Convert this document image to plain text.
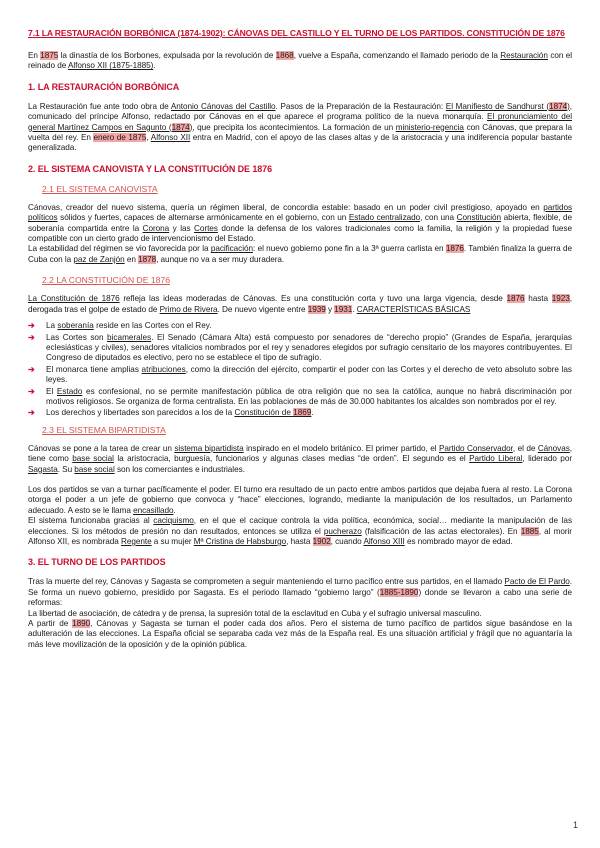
7.1 LA RESTAURACIÓN BORBÓNICA (1874-1902): CÁNOVAS DEL CASTILLO Y EL TURNO DE LOS PARTIDOS. CONSTITUCIÓN DE 1876

En 1875 la dinastía de los Borbones, expulsada por la revolución de 1868, vuelve a España, comenzando el llamado periodo de la Restauración con el reinado de Alfonso XII (1875-1885).

1. LA RESTAURACIÓN BORBÓNICA

La Restauración fue ante todo obra de Antonio Cánovas del Castillo. Pasos de la Preparación de la Restauración: El Manifiesto de Sandhurst (1874), comunicado del príncipe Alfonso, redactado por Cánovas en el que aparece el programa político de la nueva monarquía. El pronunciamiento del general Martínez Campos en Sagunto (1874), que precipita los acontecimientos. La formación de un ministerio-regencia con Cánovas, que prepara la vuelta del rey. En enero de 1875, Alfonso XII entra en Madrid, con el apoyo de las clases altas y de la aristocracia y una indiferencia popular bastante generalizada.

2. EL SISTEMA CANOVISTA Y LA CONSTITUCIÓN DE 1876
2.1 EL SISTEMA CANOVISTA

Cánovas, creador del nuevo sistema, quería un régimen liberal, de concordia estable: basado en un poder civil prestigioso, apoyado en partidos políticos sólidos y fuertes, capaces de alternarse armónicamente en el gobierno, con un Estado centralizado, con una Constitución abierta, flexible, de soberanía compartida entre la Corona y las Cortes donde la defensa de los valores tradicionales como la familia, la religión y la propiedad fuese compatible con un cierto grado de intervencionismo del Estado.

La estabilidad del régimen se vio favorecida por la pacificación: el nuevo gobierno pone fin a la 3ª guerra carlista en 1876. También finaliza la guerra de Cuba con la paz de Zanjón en 1878, aunque no va a ser muy duradera.

2.2 LA CONSTITUCIÓN DE 1876

La Constitución de 1876 refleja las ideas moderadas de Cánovas. Es una constitución corta y tuvo una larga vigencia, desde 1876 hasta 1923, derogada tras el golpe de estado de Primo de Rivera. De nuevo vigente entre 1939 y 1931. CARACTERÍSTICAS BÁSICAS

➔ La soberanía reside en las Cortes con el Rey.
➔ Las Cortes son bicamerales. El Senado (Cámara Alta) está compuesto por senadores de “derecho propio” (Grandes de España, jerarquías eclesiásticas y civiles), senadores vitalicios nombrados por el rey y senadores elegidos por sufragio censitario de los mayores contribuyentes. El Congreso de diputados es electivo, pero no se establece el tipo de sufragio.
➔ El monarca tiene amplias atribuciones, como la dirección del ejército, compartir el poder con las Cortes y el derecho de veto absoluto sobre las leyes.
➔ El Estado es confesional, no se permite manifestación pública de otra religión que no sea la católica, aunque no habrá discriminación por motivos religiosos. Se organiza de forma centralista. En las poblaciones de más de 30.000 habitantes los alcaldes son nombrados por el rey.
➔ Los derechos y libertades son parecidos a los de la Constitución de 1869.
2.3 EL SISTEMA BIPARTIDISTA

Cánovas se pone a la tarea de crear un sistema bipartidista inspirado en el modelo británico. El primer partido, el Partido Conservador, el de Cánovas, tiene como base social la aristocracia, burguesía, funcionarios y algunas clases medias “de orden”. El segundo es el Partido Liberal, liderado por Sagasta. Su base social son los comerciantes e industriales.

Los dos partidos se van a turnar pacíficamente el poder. El turno era resultado de un pacto entre ambos partidos que dejaba fuera al resto. La Corona otorga el poder a un jefe de gobierno que convoca y “hace” elecciones, logrando, mediante la manipulación de los resultados, un Parlamento adecuado. A esto se le llama encasillado.

El sistema funcionaba gracias al caciquismo, en el que el cacique controla la vida política, económica, social… mediante la manipulación de las elecciones. Si los métodos de presión no dan resultados, entonces se utiliza el pucherazo (falsificación de las actas electorales). En 1885, al morir Alfonso XII, es nombrada Regente a su mujer Mª Cristina de Habsburgo, hasta 1902, cuando Alfonso XIII es nombrado mayor de edad.

3. EL TURNO DE LOS PARTIDOS

Tras la muerte del rey, Cánovas y Sagasta se comprometen a seguir manteniendo el turno pacífico entre sus partidos, en el llamado Pacto de El Pardo. Se forma un nuevo gobierno, presidido por Sagasta. Es el periodo llamado “gobierno largo” (1885-1890) donde se llevaron a cabo una serie de reformas:

La libertad de asociación, de cátedra y de prensa, la supresión total de la esclavitud en Cuba y el sufragio universal masculino.

A partir de 1890, Cánovas y Sagasta se turnan el poder cada dos años. Pero el sistema de turno pacífico de partidos sigue basándose en la adulteración de las elecciones. La España oficial se separaba cada vez más de la España real. Es una situación artificial y frágil que no aguantaría la más leve movilización de la oposición y de la opinión pública.

1
